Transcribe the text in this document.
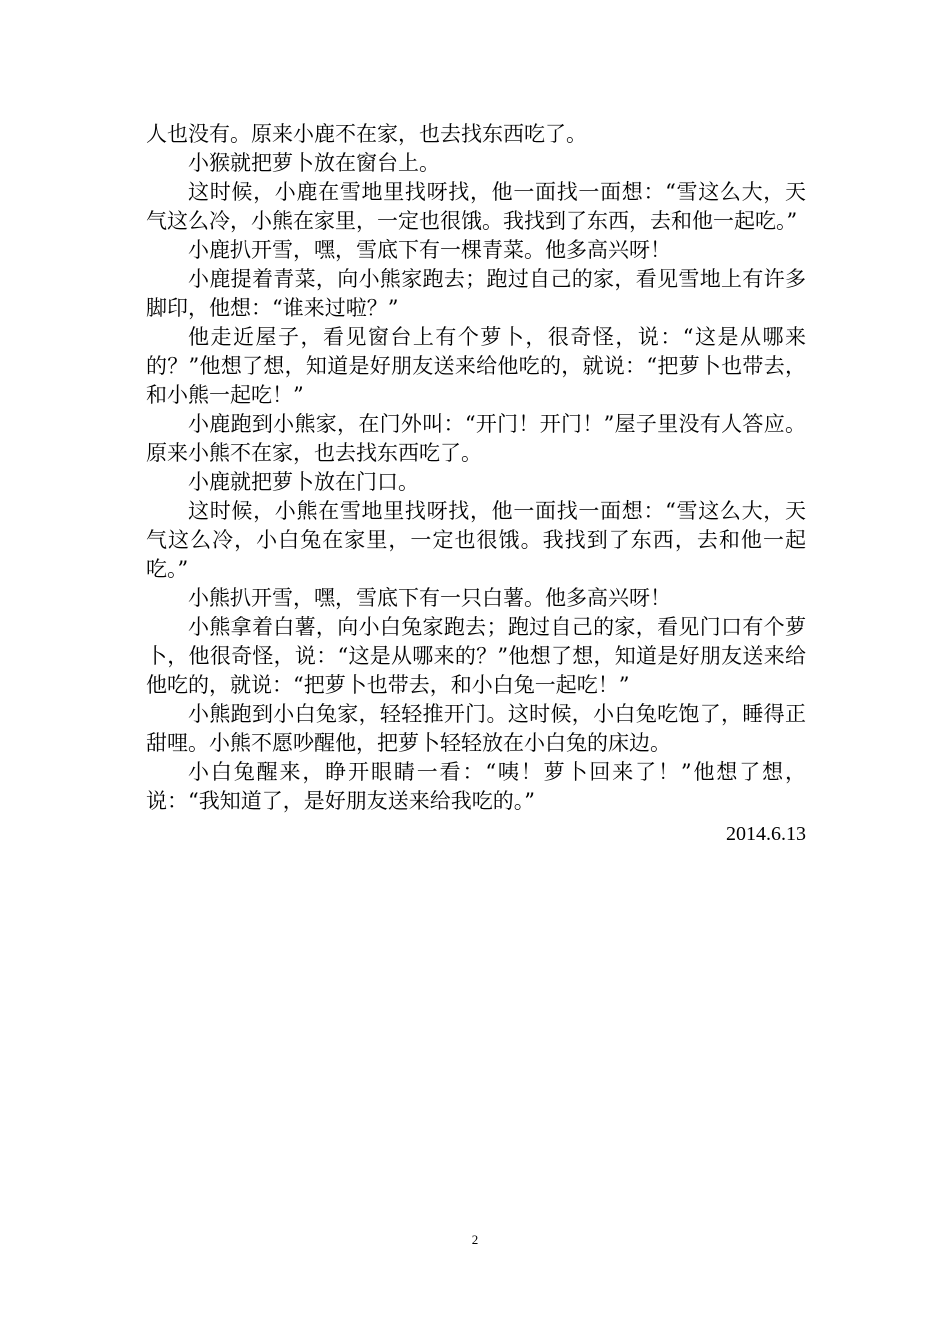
人也没有。原来小鹿不在家，也去找东西吃了。

小猴就把萝卜放在窗台上。

这时候，小鹿在雪地里找呀找，他一面找一面想：“雪这么大，天气这么冷，小熊在家里，一定也很饿。我找到了东西，去和他一起吃。”

小鹿扒开雪，嘿，雪底下有一棵青菜。他多高兴呀！

小鹿提着青菜，向小熊家跑去；跑过自己的家，看见雪地上有许多脚印，他想：“谁来过啦？”

他走近屋子，看见窗台上有个萝卜，很奇怪，说：“这是从哪来的？”他想了想，知道是好朋友送来给他吃的，就说：“把萝卜也带去，和小熊一起吃！”

小鹿跑到小熊家，在门外叫：“开门！开门！”屋子里没有人答应。原来小熊不在家，也去找东西吃了。

小鹿就把萝卜放在门口。

这时候，小熊在雪地里找呀找，他一面找一面想：“雪这么大，天气这么冷，小白兔在家里，一定也很饿。我找到了东西，去和他一起吃。”

小熊扒开雪，嘿，雪底下有一只白薯。他多高兴呀！

小熊拿着白薯，向小白兔家跑去；跑过自己的家，看见门口有个萝卜，他很奇怪，说：“这是从哪来的？”他想了想，知道是好朋友送来给他吃的，就说：“把萝卜也带去，和小白兔一起吃！”

小熊跑到小白兔家，轻轻推开门。这时候，小白兔吃饱了，睡得正甜哩。小熊不愿吵醒他，把萝卜轻轻放在小白兔的床边。

小白兔醒来，睁开眼睛一看：“咦！萝卜回来了！”他想了想，说：“我知道了，是好朋友送来给我吃的。”

2014.6.13
2
